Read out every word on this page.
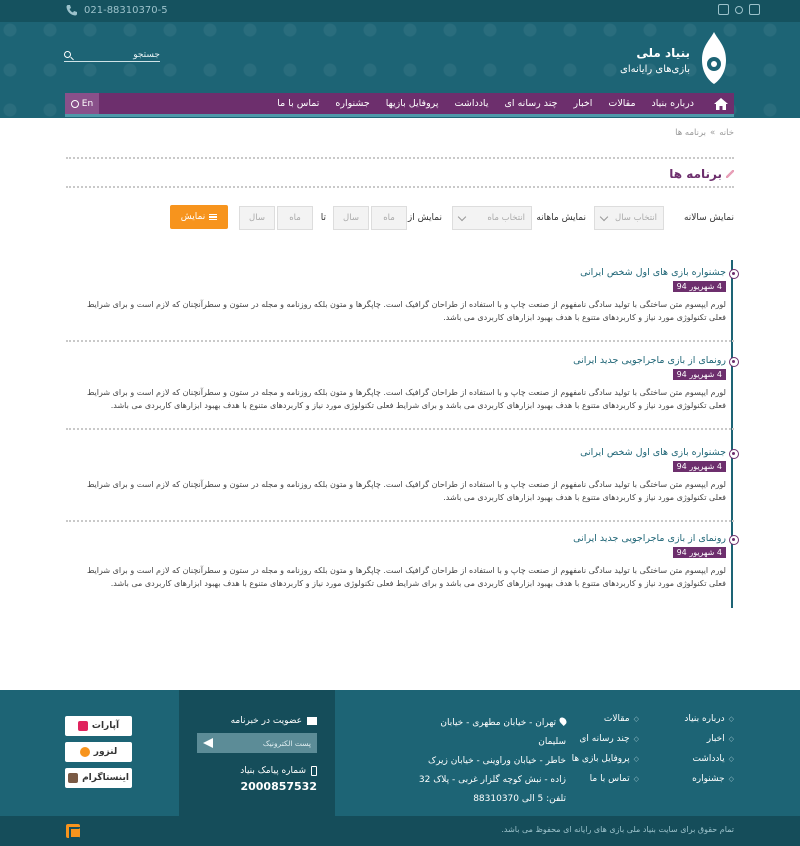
021-88310370-5
جستجو
بنیاد ملی
بازی‌های رایانه‌ای
درباره بنیاد
مقالات
اخبار
چند رسانه ای
یادداشت
پروفایل بازیها
جشنواره
تماس با ما
En
خانه
»
برنامه ها
برنامه ها
نمایش سالانه
انتخاب سال
نمایش ماهانه
انتخاب ماه
نمایش از
ماه
سال
تا
ماه
سال
نمایش
جشنواره بازی های اول شخص ایرانی
4 شهریور 94

لورم ایپسوم متن ساختگی با تولید سادگی نامفهوم از صنعت چاپ و با استفاده از طراحان گرافیک است. چاپگرها و متون بلکه روزنامه و مجله در ستون و سطرآنچنان که لازم است و برای شرایط فعلی تکنولوژی مورد نیاز و کاربردهای متنوع با هدف بهبود ابزارهای کاربردی می باشد.

رونمای از بازی ماجراجویی جدید ایرانی
4 شهریور 94

لورم ایپسوم متن ساختگی با تولید سادگی نامفهوم از صنعت چاپ و با استفاده از طراحان گرافیک است. چاپگرها و متون بلکه روزنامه و مجله در ستون و سطرآنچنان که لازم است و برای شرایط فعلی تکنولوژی مورد نیاز و کاربردهای متنوع با هدف بهبود ابزارهای کاربردی می باشد و برای شرایط فعلی تکنولوژی مورد نیاز و کاربردهای متنوع با هدف بهبود ابزارهای کاربردی می باشد.

جشنواره بازی های اول شخص ایرانی
4 شهریور 94

لورم ایپسوم متن ساختگی با تولید سادگی نامفهوم از صنعت چاپ و با استفاده از طراحان گرافیک است. چاپگرها و متون بلکه روزنامه و مجله در ستون و سطرآنچنان که لازم است و برای شرایط فعلی تکنولوژی مورد نیاز و کاربردهای متنوع با هدف بهبود ابزارهای کاربردی می باشد.

رونمای از بازی ماجراجویی جدید ایرانی
4 شهریور 94

لورم ایپسوم متن ساختگی با تولید سادگی نامفهوم از صنعت چاپ و با استفاده از طراحان گرافیک است. چاپگرها و متون بلکه روزنامه و مجله در ستون و سطرآنچنان که لازم است و برای شرایط فعلی تکنولوژی مورد نیاز و کاربردهای متنوع با هدف بهبود ابزارهای کاربردی می باشد و برای شرایط فعلی تکنولوژی مورد نیاز و کاربردهای متنوع با هدف بهبود ابزارهای کاربردی می باشد.

◇ درباره بنیاد
◇ مقالات
◇ اخبار
◇ چند رسانه ای
◇ یادداشت
◇ پروفایل بازی ها
◇ جشنواره
◇ تماس با ما
تهران - خیابان مطهری - خیابان سلیمان
خاطر - خیابان وراوینی - خیابان زیرک
زاده - نبش کوچه گلزار غربی - پلاک 32
تلفن: 5 الی 88310370
عضویت در خبرنامه
پست الکترونیک
شماره پیامک بنیاد
2000857532
آپارات
لنزور
اینستاگرام
تمام حقوق برای سایت بنیاد ملی بازی های رایانه ای محفوظ می باشد.
